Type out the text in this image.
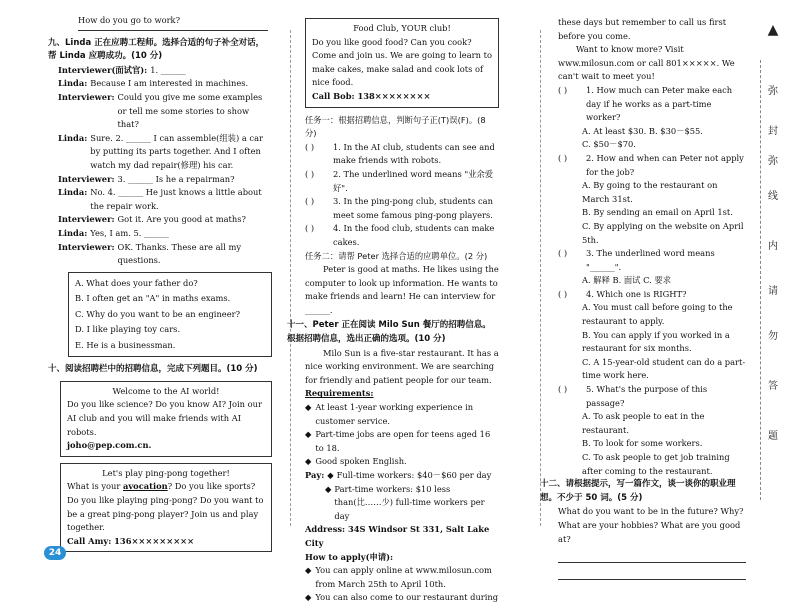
How do you go to work?
九、Linda 正在应聘工程师。选择合适的句子补全对话，帮 Linda 应聘成功。(10 分)
Interviewer(面试官): 1. ______
Linda: Because I am interested in machines.
Interviewer: Could you give me some examples or tell me some stories to show that?
Linda: Sure. 2. ______ I can assemble(组装) a car by putting its parts together. And I often watch my dad repair(修理) his car.
Interviewer: 3. ______ Is he a repairman?
Linda: No. 4. ______ He just knows a little about the repair work.
Interviewer: Got it. Are you good at maths?
Linda: Yes, I am. 5. ______
Interviewer: OK. Thanks. These are all my questions.
A. What does your father do?
B. I often get an "A" in maths exams.
C. Why do you want to be an engineer?
D. I like playing toy cars.
E. He is a businessman.
十、阅读招聘栏中的招聘信息，完成下列题目。(10 分)
Welcome to the AI world!
Do you like science? Do you know AI? Join our AI club and you will make friends with AI robots.
joho@pep.com.cn.
Let's play ping-pong together!
What is your avocation? Do you like sports? Do you like playing ping-pong? Do you want to be a great ping-pong player? Join us and play together.
Call Amy: 136×××××××××
Food Club, YOUR club!
Do you like good food? Can you cook? Come and join us. We are going to learn to make cakes, make salad and cook lots of nice food.
Call Bob: 138××××××××
任务一：根据招聘信息，判断句子正(T)误(F)。(8 分)
( )	1. In the AI club, students can see and make friends with robots.
( )	2. The underlined word means "业余爱好".
( )	3. In the ping-pong club, students can meet some famous ping-pong players.
( )	4. In the food club, students can make cakes.
任务二：请帮 Peter 选择合适的应聘单位。(2 分)
Peter is good at maths. He likes using the computer to look up information. He wants to make friends and learn! He can interview for ______.
十一、Peter 正在阅读 Milo Sun 餐厅的招聘信息。根据招聘信息，选出正确的选项。(10 分)
Milo Sun is a five-star restaurant. It has a nice working environment. We are searching for friendly and patient people for our team.
Requirements:
◆ At least 1-year working experience in customer service.
◆ Part-time jobs are open for teens aged 16 to 18.
◆ Good spoken English.
Pay: ◆ Full-time workers: $40－$60 per day
◆ Part-time workers: $10 less than(比……少) full-time workers per day
Address: 34S Windsor St 331, Salt Lake City
How to apply(申请):
◆ You can apply online at www.milosun.com from March 25th to April 10th.
◆ You can also come to our restaurant during
these days but remember to call us first before you come.
Want to know more? Visit www.milosun.com or call 801×××××. We can't wait to meet you!
( )	1. How much can Peter make each day if he works as a part-time worker?
A. At least $30. B. $30－$55.
C. $50－$70.
( )	2. How and when can Peter not apply for the job?
A. By going to the restaurant on March 31st.
B. By sending an email on April 1st.
C. By applying on the website on April 5th.
( )	3. The underlined word means "______".
A. 解释 B. 面试 C. 要求
( )	4. Which one is RIGHT?
A. You must call before going to the restaurant to apply.
B. You can apply if you worked in a restaurant for six months.
C. A 15-year-old student can do a part-time work here.
( )	5. What's the purpose of this passage?
A. To ask people to eat in the restaurant.
B. To look for some workers.
C. To ask people to get job training after coming to the restaurant.
十二、请根据提示，写一篇作文，谈一谈你的职业理想。不少于 50 词。(5 分)
What do you want to be in the future? Why? What are your hobbies? What are you good at?
▲
弥
封
弥
线
内
请
勿
答
题
24
